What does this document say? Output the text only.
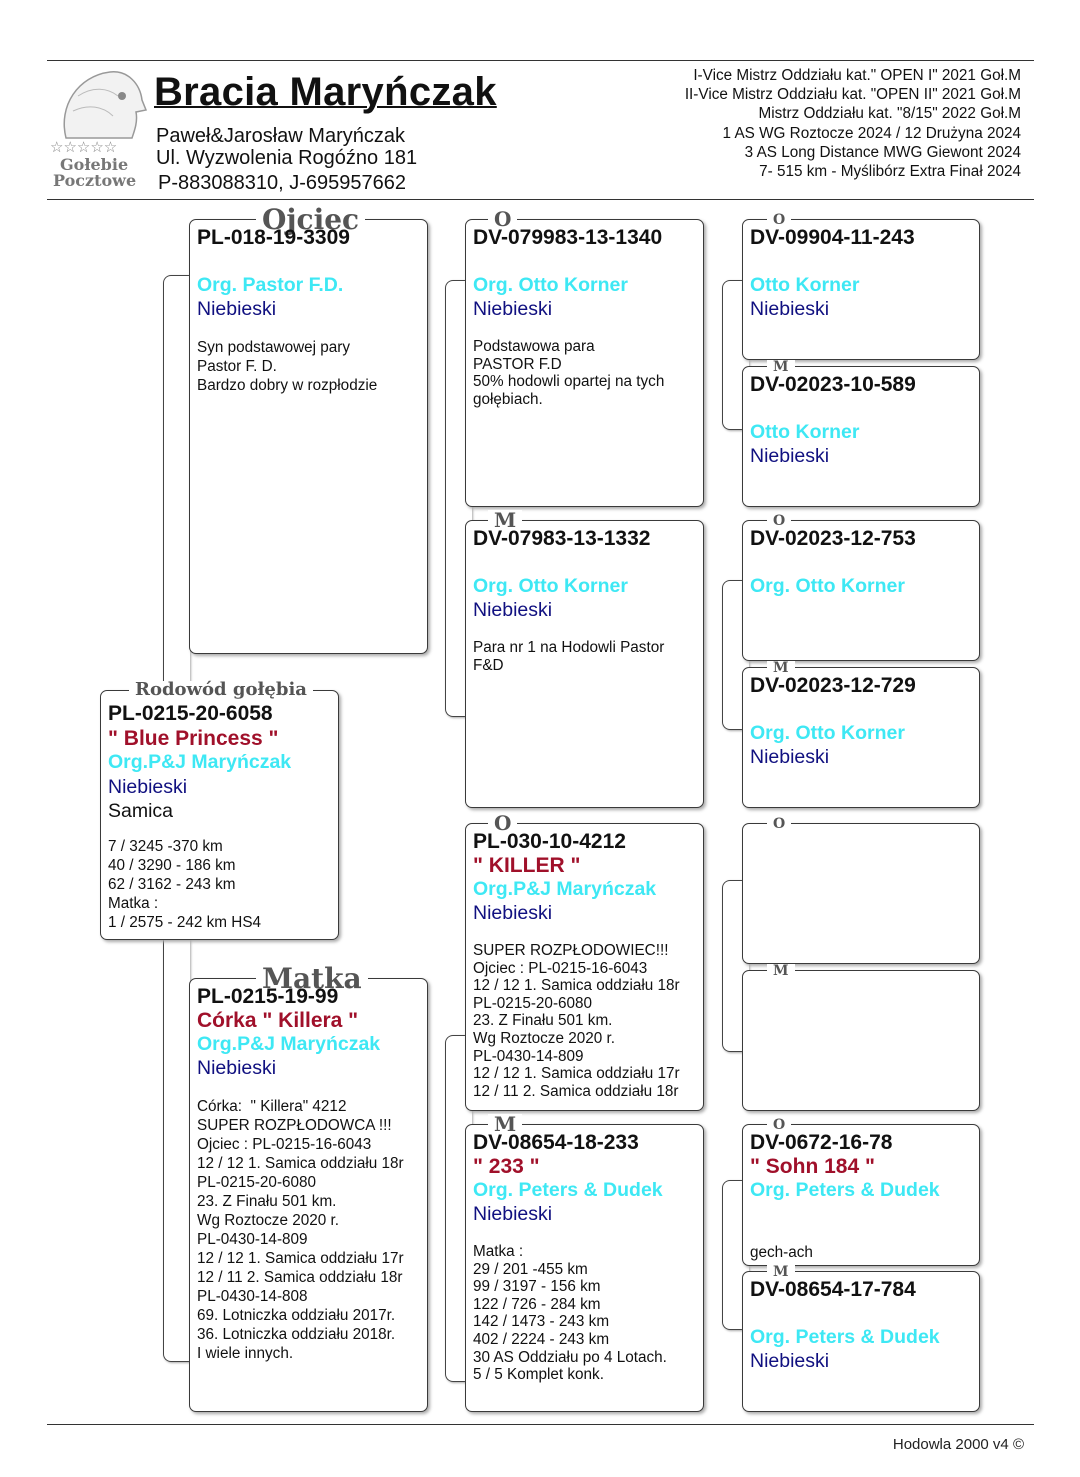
☆☆☆☆☆
Gołebie
Pocztowe
Bracia Maryńczak
Paweł&Jarosław Maryńczak
Ul. Wyzwolenia Rogóźno 181
P-883088310, J-695957662
I-Vice Mistrz Oddziału kat." OPEN I" 2021 Goł.M
II-Vice Mistrz Oddziału kat. "OPEN II" 2021 Goł.M
Mistrz Oddziału kat. "8/15" 2022 Goł.M
1 AS WG Roztocze 2024 / 12 Drużyna 2024
3 AS Long Distance MWG Giewont 2024
7- 515 km - Myślibórz Extra Finał 2024
Rodowód gołębia
PL-0215-20-6058
" Blue Princess "
Org.P&J Maryńczak
Niebieski
Samica
7 / 3245 -370 km
40 / 3290 - 186 km
62 / 3162 - 243 km
Matka :
1 / 2575 - 242 km HS4
Ojciec
PL-018-19-3309
Org. Pastor F.D.
Niebieski
Syn podstawowej pary
Pastor F. D.
Bardzo dobry w rozpłodzie
Matka
PL-0215-19-99
Córka " Killera "
Org.P&J Maryńczak
Niebieski
Córka:  " Killera" 4212
SUPER ROZPŁODOWCA !!!
Ojciec : PL-0215-16-6043
12 / 12 1. Samica oddziału 18r
PL-0215-20-6080
23. Z Finału 501 km.
Wg Roztocze 2020 r.
PL-0430-14-809
12 / 12 1. Samica oddziału 17r
12 / 11 2. Samica oddziału 18r
PL-0430-14-808
69. Lotniczka oddziału 2017r.
36. Lotniczka oddziału 2018r.
I wiele innych.
O
DV-079983-13-1340
Org. Otto Korner
Niebieski
Podstawowa para
PASTOR F.D
50% hodowli opartej na tych
gołębiach.
M
DV-07983-13-1332
Org. Otto Korner
Niebieski
Para nr 1 na Hodowli Pastor
F&D
O
PL-030-10-4212
" KILLER "
Org.P&J Maryńczak
Niebieski
SUPER ROZPŁODOWIEC!!!
Ojciec : PL-0215-16-6043
12 / 12 1. Samica oddziału 18r
PL-0215-20-6080
23. Z Finału 501 km.
Wg Roztocze 2020 r.
PL-0430-14-809
12 / 12 1. Samica oddziału 17r
12 / 11 2. Samica oddziału 18r
M
DV-08654-18-233
" 233 "
Org. Peters & Dudek
Niebieski
Matka :
29 / 201 -455 km
99 / 3197 - 156 km
122 / 726 - 284 km
142 / 1473 - 243 km
402 / 2224 - 243 km
30 AS Oddziału po 4 Lotach.
5 / 5 Komplet konk.
O
DV-09904-11-243
Otto Korner
Niebieski
M
DV-02023-10-589
Otto Korner
Niebieski
O
DV-02023-12-753
Org. Otto Korner
M
DV-02023-12-729
Org. Otto Korner
Niebieski
O
M
O
DV-0672-16-78
" Sohn 184 "
Org. Peters & Dudek
gech-ach
M
DV-08654-17-784
Org. Peters & Dudek
Niebieski
Hodowla 2000 v4 ©
